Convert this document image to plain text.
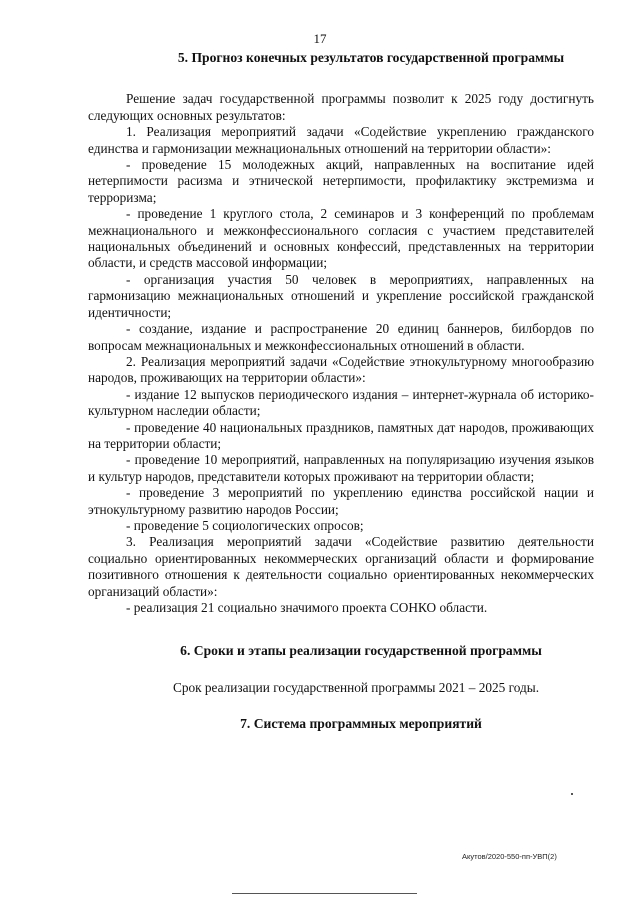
17
5. Прогноз конечных результатов государственной программы

Решение задач государственной программы позволит к 2025 году достигнуть следующих основных результатов:

1. Реализация мероприятий задачи «Содействие укреплению гражданского единства и гармонизации межнациональных отношений на территории области»:

- проведение 15 молодежных акций, направленных на воспитание идей нетерпимости расизма и этнической нетерпимости, профилактику экстремизма и терроризма;

- проведение 1 круглого стола, 2 семинаров и 3 конференций по проблемам межнационального и межконфессионального согласия с участием представителей национальных объединений и основных конфессий, представленных на территории области, и средств массовой информации;

- организация участия 50 человек в мероприятиях, направленных на гармонизацию межнациональных отношений и укрепление российской гражданской идентичности;

- создание, издание и распространение 20 единиц баннеров, билбордов по вопросам межнациональных и межконфессиональных отношений в области.

2. Реализация мероприятий задачи «Содействие этнокультурному многообразию народов, проживающих на территории области»:

- издание 12 выпусков периодического издания – интернет-журнала об историко-культурном наследии области;

- проведение 40 национальных праздников, памятных дат народов, проживающих на территории области;

- проведение 10 мероприятий, направленных на популяризацию изучения языков и культур народов, представители которых проживают на территории области;

- проведение 3 мероприятий по укреплению единства российской нации и этнокультурному развитию народов России;

- проведение 5 социологических опросов;

3. Реализация мероприятий задачи «Содействие развитию деятельности социально ориентированных некоммерческих организаций области и формирование позитивного отношения к деятельности социально ориентированных некоммерческих организаций области»:

- реализация 21 социально значимого проекта СОНКО области.

6. Сроки и этапы реализации государственной программы

Срок реализации государственной программы 2021 – 2025 годы.

7. Система программных мероприятий
Акутов/2020-550-пп-УВП(2)
